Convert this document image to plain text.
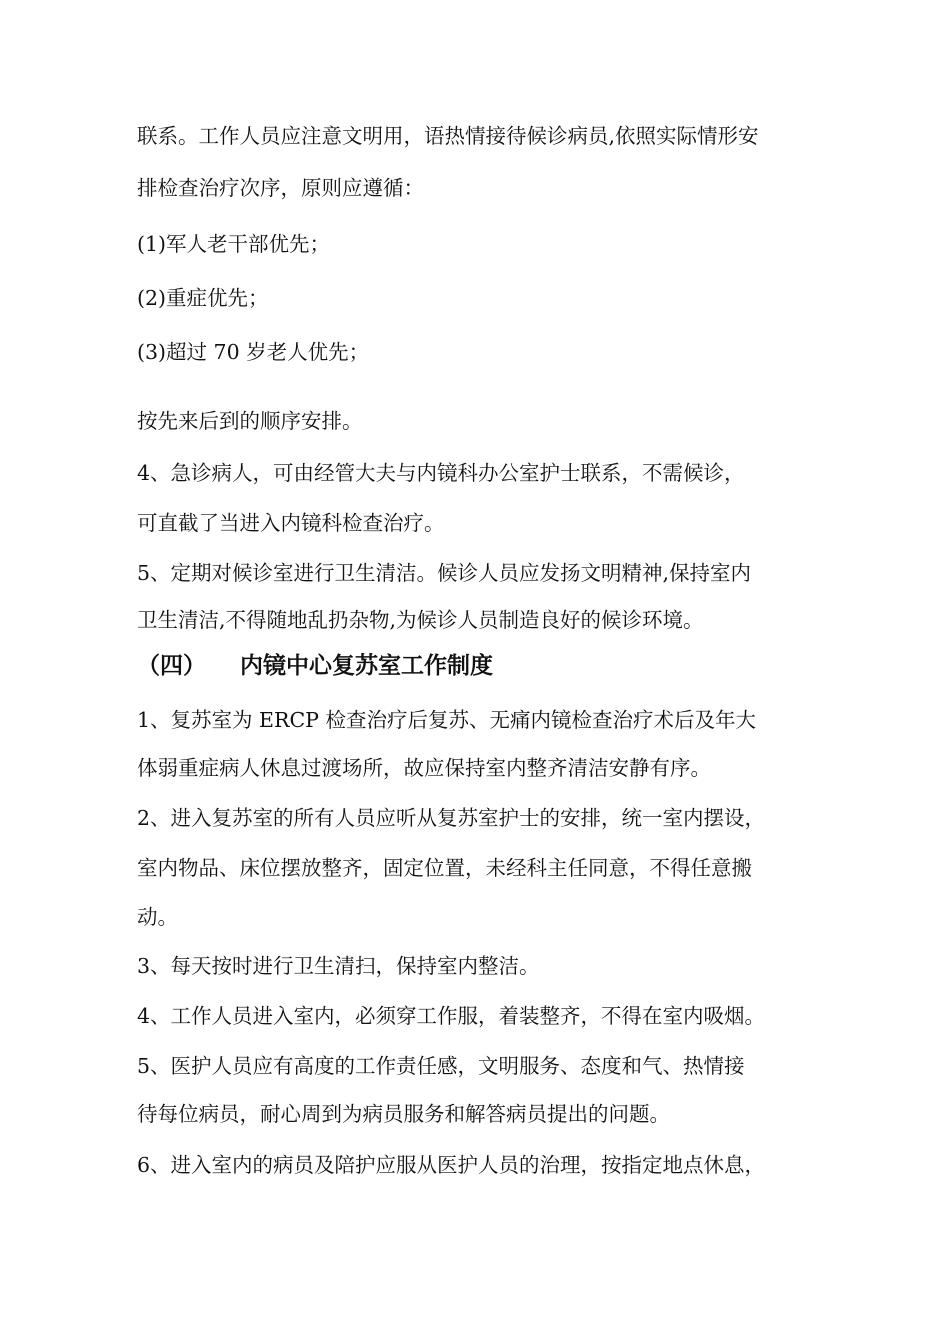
联系。工作人员应注意文明用，语热情接待候诊病员,依照实际情形安

排检查治疗次序，原则应遵循：

(1)军人老干部优先；

(2)重症优先；

(3)超过 70 岁老人优先；

按先来后到的顺序安排。

4、急诊病人，可由经管大夫与内镜科办公室护士联系，不需候诊，

可直截了当进入内镜科检查治疗。

5、定期对候诊室进行卫生清洁。候诊人员应发扬文明精神,保持室内

卫生清洁,不得随地乱扔杂物,为候诊人员制造良好的候诊环境。

（四） 内镜中心复苏室工作制度

1、复苏室为 ERCP 检查治疗后复苏、无痛内镜检查治疗术后及年大

体弱重症病人休息过渡场所，故应保持室内整齐清洁安静有序。

2、进入复苏室的所有人员应听从复苏室护士的安排，统一室内摆设，

室内物品、床位摆放整齐，固定位置，未经科主任同意，不得任意搬

动。

3、每天按时进行卫生清扫，保持室内整洁。

4、工作人员进入室内，必须穿工作服，着装整齐，不得在室内吸烟。

5、医护人员应有高度的工作责任感，文明服务、态度和气、热情接

待每位病员，耐心周到为病员服务和解答病员提出的问题。

6、进入室内的病员及陪护应服从医护人员的治理，按指定地点休息，
